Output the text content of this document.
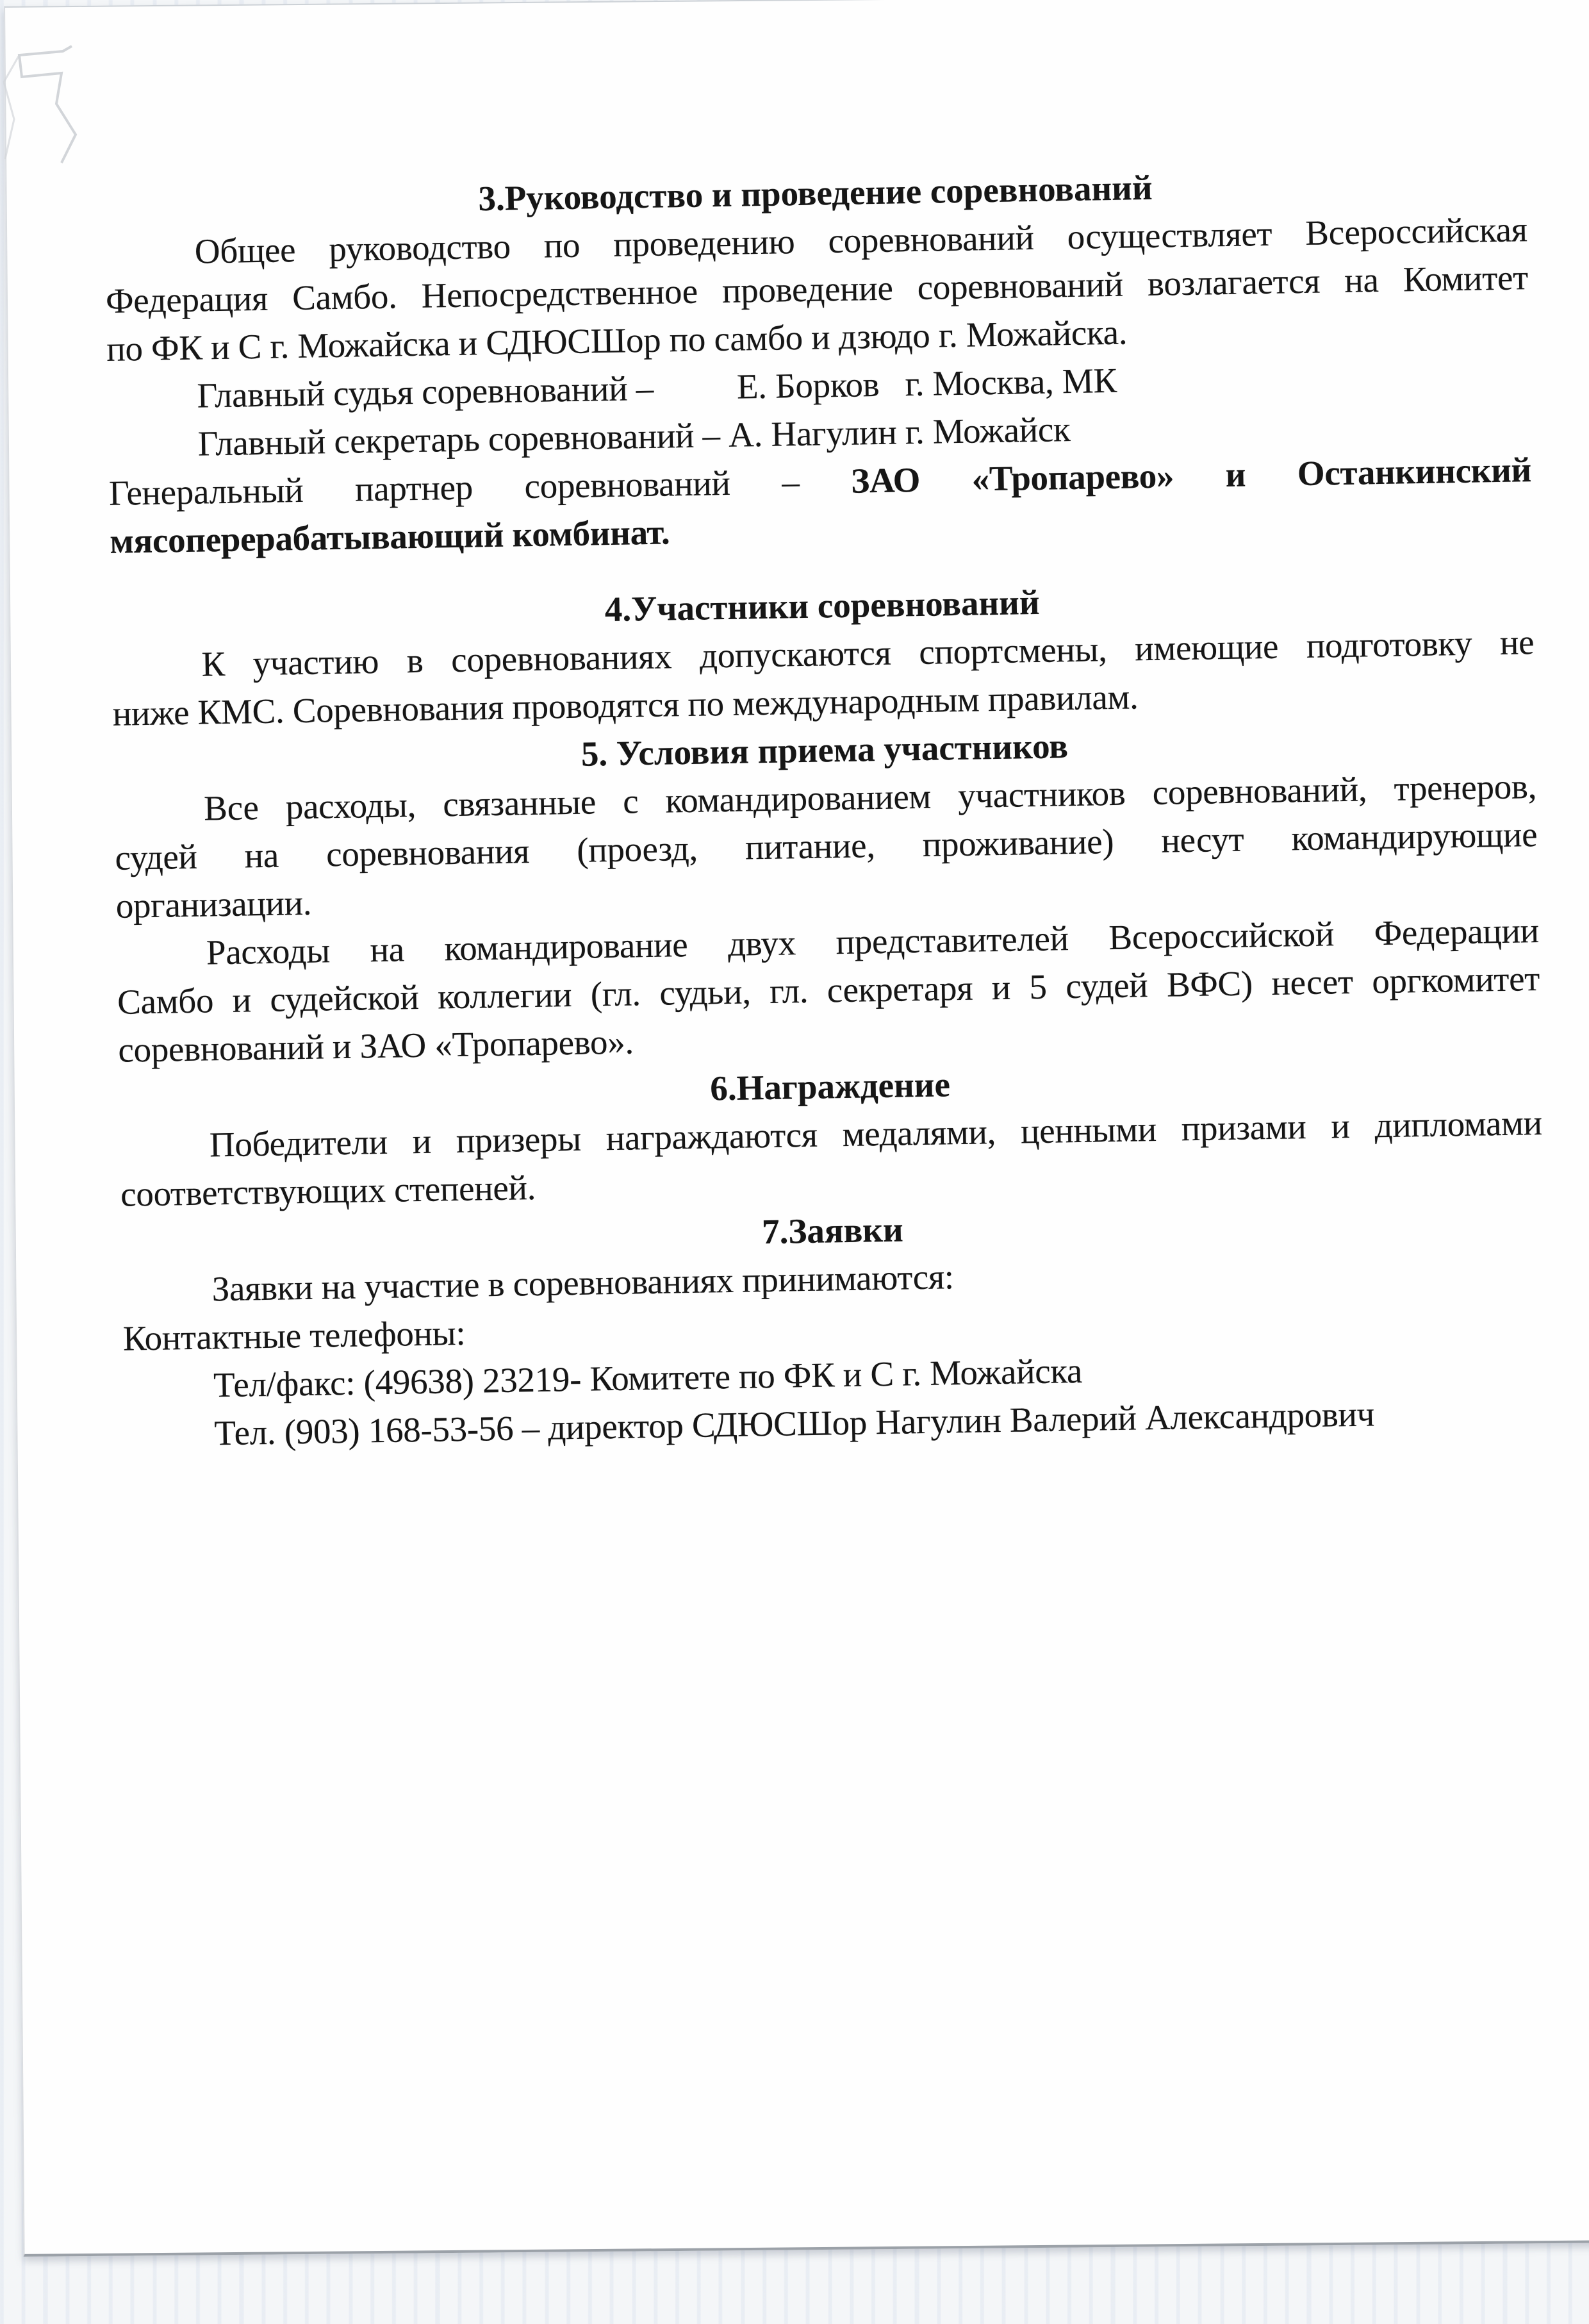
3.Руководство и проведение соревнований
Общее руководство по проведению соревнований осуществляет Всероссийская
Федерация Самбо. Непосредственное проведение соревнований возлагается на Комитет
по ФК и С г. Можайска и СДЮСШор по самбо и дзюдо г. Можайска.
Главный судья соревнований – Е. Борков   г. Москва, МК
Главный секретарь соревнований – А. Нагулин г. Можайск
Генеральный партнер соревнований – ЗАО «Тропарево» и Останкинский
мясоперерабатывающий комбинат.
4.Участники соревнований
К участию в соревнованиях допускаются спортсмены, имеющие подготовку не
ниже КМС. Соревнования проводятся по международным правилам.
5. Условия приема участников
Все расходы, связанные с командированием участников соревнований, тренеров,
судей на соревнования (проезд, питание, проживание) несут командирующие
организации.
Расходы на командирование двух представителей Всероссийской Федерации
Самбо и судейской коллегии (гл. судьи, гл. секретаря и 5 судей ВФС) несет оргкомитет
соревнований и ЗАО «Тропарево».
6.Награждение
Победители и призеры награждаются медалями, ценными призами и дипломами
соответствующих степеней.
7.Заявки
Заявки на участие в соревнованиях принимаются:
Контактные телефоны:
Тел/факс: (49638) 23219- Комитете по ФК и С г. Можайска
Тел. (903) 168-53-56 – директор СДЮСШор Нагулин Валерий Александрович
